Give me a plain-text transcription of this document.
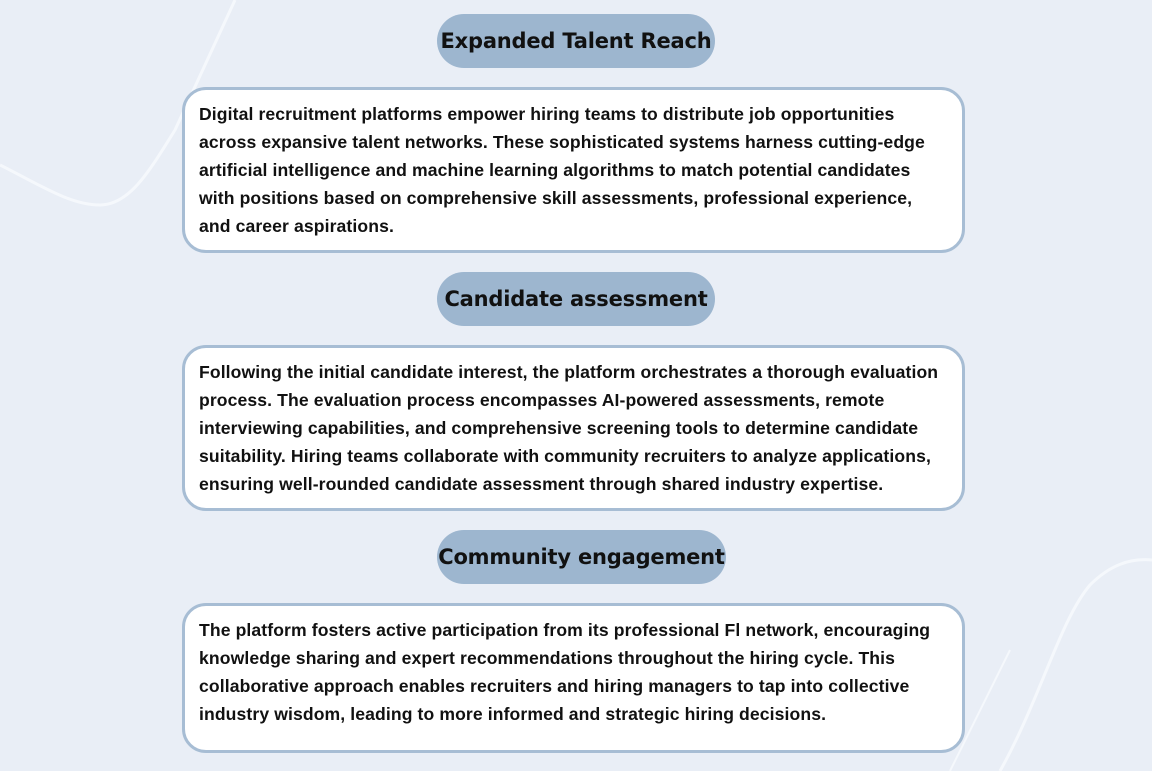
Expanded Talent Reach

Digital recruitment platforms empower hiring teams to distribute job opportunities across expansive talent networks. These sophisticated systems harness cutting-edge artificial intelligence and machine learning algorithms to match potential candidates with positions based on comprehensive skill assessments, professional experience, and career aspirations.

Candidate assessment

Following the initial candidate interest, the platform orchestrates a thorough evaluation process. The evaluation process encompasses AI-powered assessments, remote interviewing capabilities, and comprehensive screening tools to determine candidate suitability. Hiring teams collaborate with community recruiters to analyze applications, ensuring well-rounded candidate assessment through shared industry expertise.

Community engagement

The platform fosters active participation from its professional Fl network, encouraging knowledge sharing and expert recommendations throughout the hiring cycle. This collaborative approach enables recruiters and hiring managers to tap into collective industry wisdom, leading to more informed and strategic hiring decisions.
